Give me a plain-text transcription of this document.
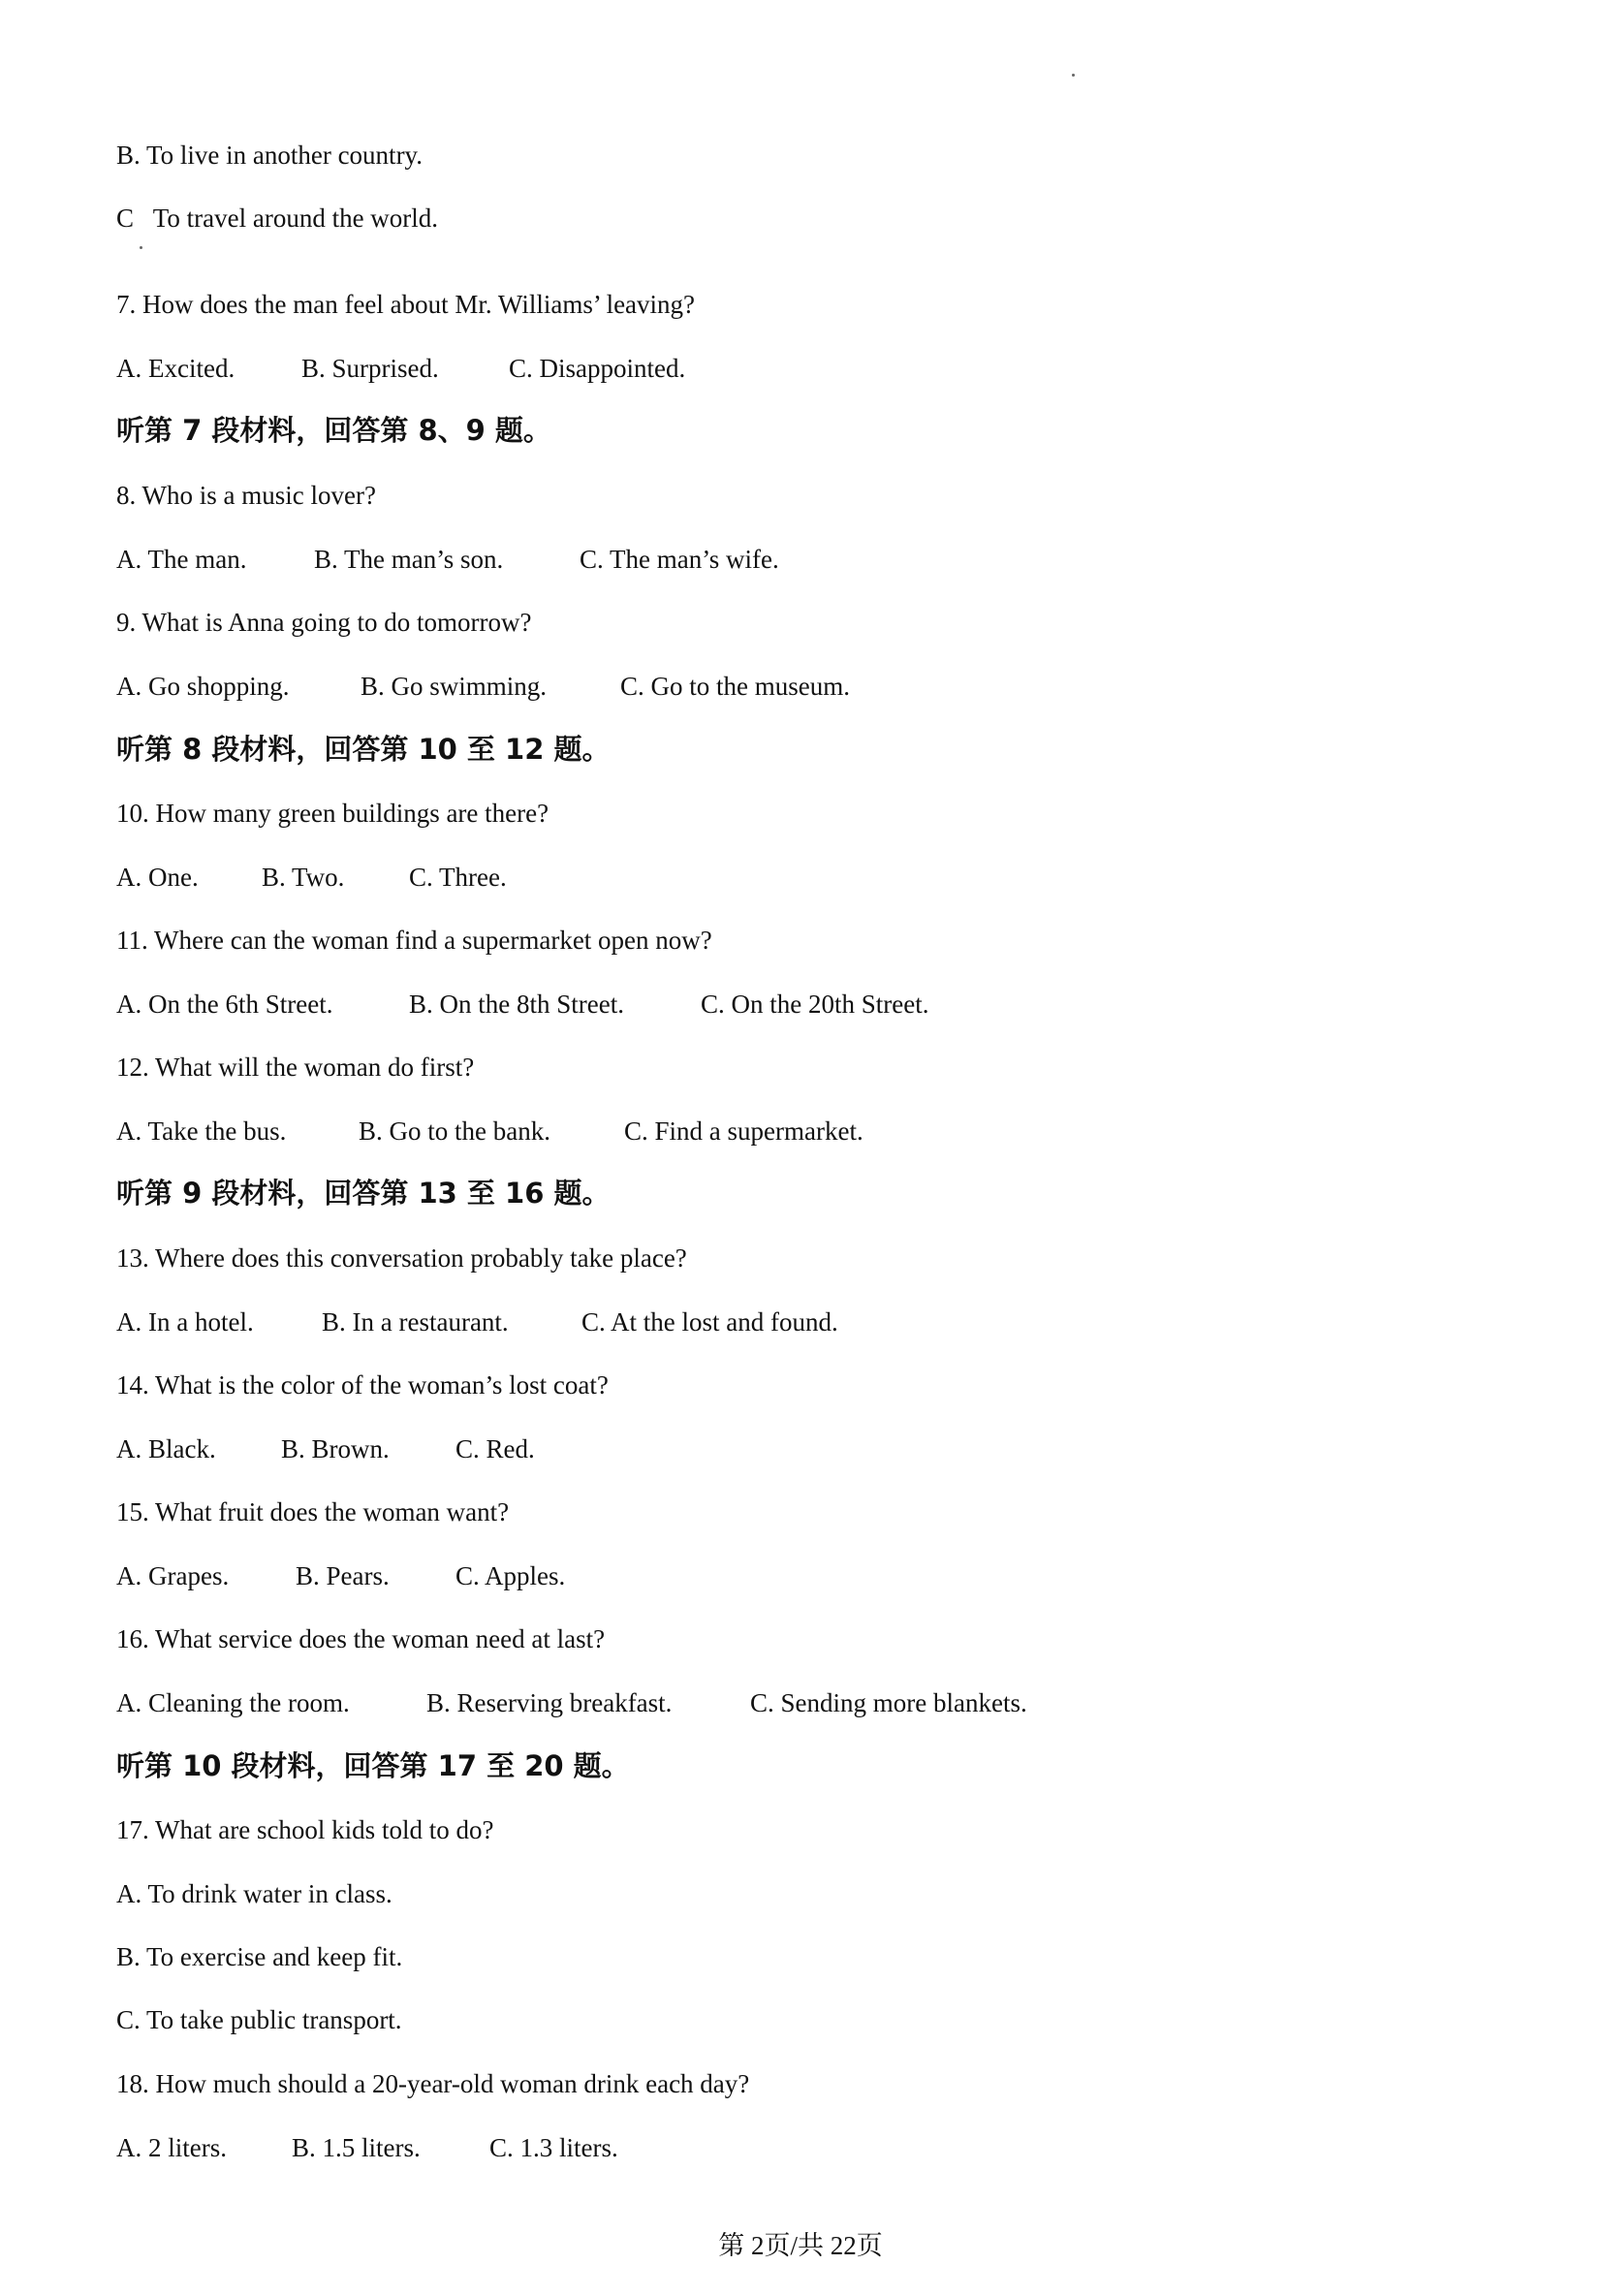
B. To live in another country.
C   To travel around the world.
7. How does the man feel about Mr. Williams’ leaving?

A. Excited.

	B. Surprised.

	C. Disappointed.

听第 7 段材料，回答第 8、9 题。
8. Who is a music lover?

A. The man.

	B. The man’s son.

	C. The man’s wife.

9. What is Anna going to do tomorrow?

A. Go shopping.

	B. Go swimming.

	C. Go to the museum.

听第 8 段材料，回答第 10 至 12 题。
10. How many green buildings are there?

A. One.

B. Two.

C. Three.

11. Where can the woman find a supermarket open now?

A. On the 6th Street.

	B. On the 8th Street.

	C. On the 20th Street.

12. What will the woman do first?

A. Take the bus.

	B. Go to the bank.

	C. Find a supermarket.

听第 9 段材料，回答第 13 至 16 题。
13. Where does this conversation probably take place?

A. In a hotel.

	B. In a restaurant.

	C. At the lost and found.

14. What is the color of the woman’s lost coat?

A. Black.

B. Brown.

	C. Red.

15. What fruit does the woman want?

A. Grapes.

	B. Pears.

	C. Apples.

16. What service does the woman need at last?

A. Cleaning the room.

	B. Reserving breakfast.

	C. Sending more blankets.

听第 10 段材料，回答第 17 至 20 题。
17. What are school kids told to do?
A. To drink water in class.
B. To exercise and keep fit.
C. To take public transport.
18. How much should a 20-year-old woman drink each day?

A. 2 liters.

B. 1.5 liters.

	C. 1.3 liters.

第 2页/共 22页
